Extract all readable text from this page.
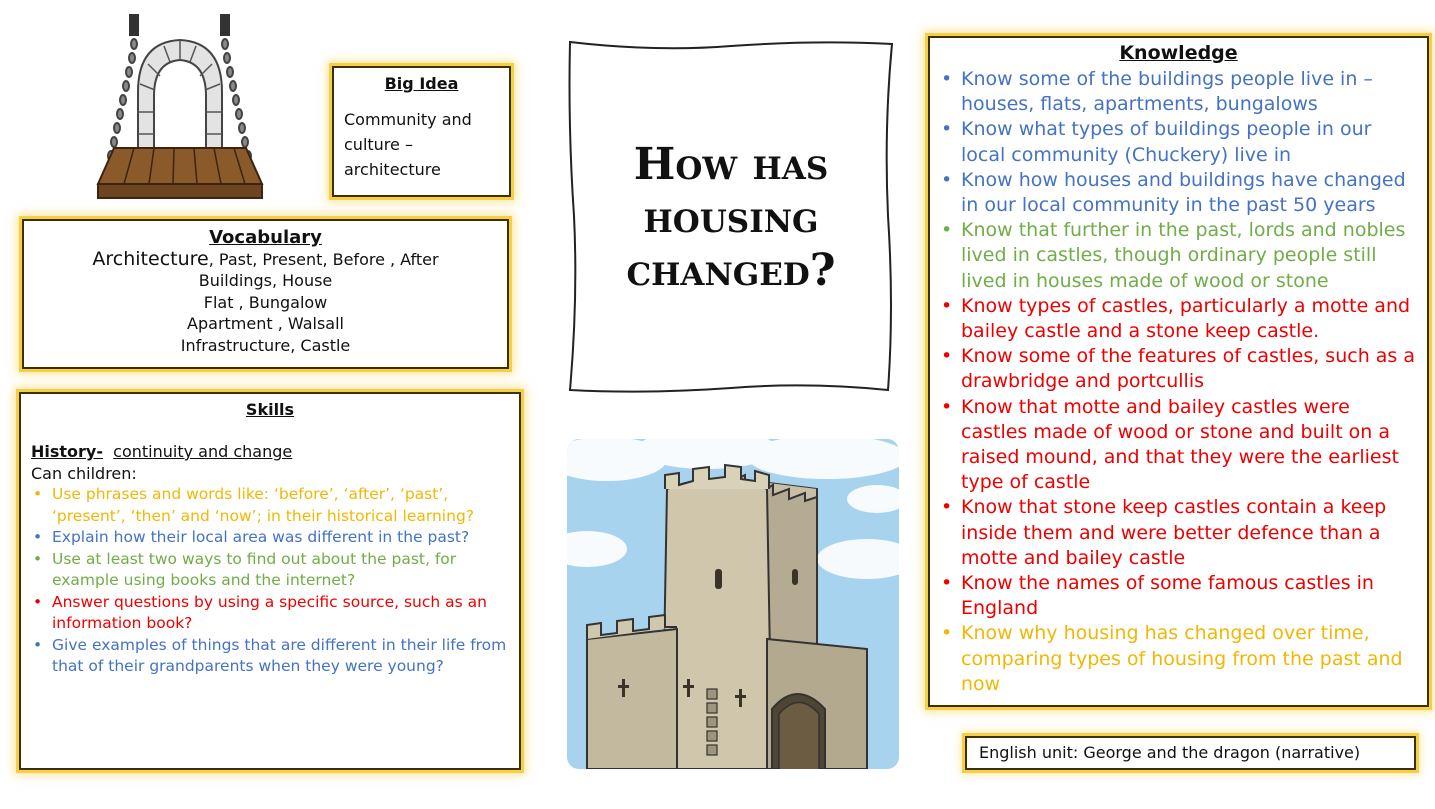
Big Idea
Community and culture – architecture
Vocabulary
Architecture, Past, Present, Before , After
Buildings, House
Flat , Bungalow
Apartment , Walsall
Infrastructure, Castle
Skills
History- continuity and change
Can children:
• Use phrases and words like: ‘before’, ‘after’, ‘past’, ‘present’, ‘then’ and ‘now’; in their historical learning?
• Explain how their local area was different in the past?
• Use at least two ways to find out about the past, for example using books and the internet?
• Answer questions by using a specific source, such as an information book?
• Give examples of things that are different in their life from that of their grandparents when they were young?
How has
housing
changed?
Knowledge
• Know some of the buildings people live in – houses, flats, apartments, bungalows
• Know what types of buildings people in our local community (Chuckery) live in
• Know how houses and buildings have changed in our local community in the past 50 years
• Know that further in the past, lords and nobles lived in castles, though ordinary people still lived in houses made of wood or stone
• Know types of castles, particularly a motte and bailey castle and a stone keep castle.
• Know some of the features of castles, such as a drawbridge and portcullis
• Know that motte and bailey castles were castles made of wood or stone and built on a raised mound, and that they were the earliest type of castle
• Know that stone keep castles contain a keep inside them and were better defence than a motte and bailey castle
• Know the names of some famous castles in England
• Know why housing has changed over time, comparing types of housing from the past and now
English unit: George and the dragon (narrative)
